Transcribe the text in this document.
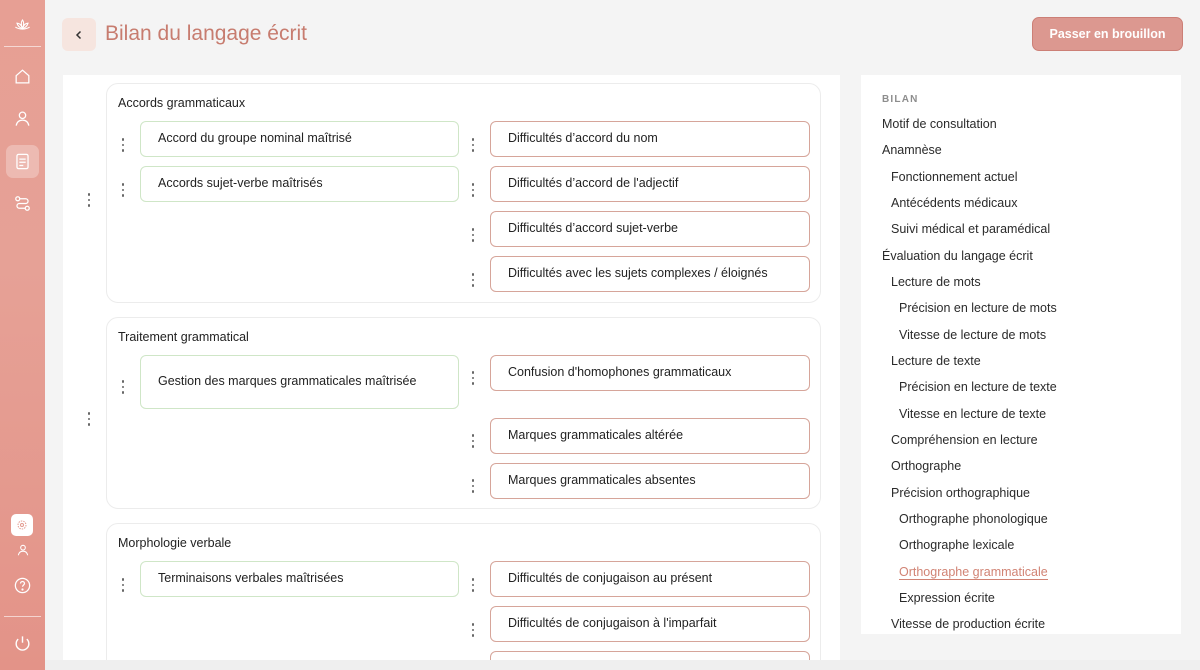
Bilan du langage écrit	Passer en brouillon
Accords grammaticaux
Accord du groupe nominal maîtrisé
Accords sujet-verbe maîtrisés
Difficultés d’accord du nom
Difficultés d’accord de l'adjectif
Difficultés d’accord sujet-verbe
Difficultés avec les sujets complexes / éloignés
Traitement grammatical
Gestion des marques grammaticales maîtrisée
Confusion d'homophones grammaticaux
Marques grammaticales altérée
Marques grammaticales absentes
Morphologie verbale
Terminaisons verbales maîtrisées	Difficultés de conjugaison au présent
Difficultés de conjugaison à l'imparfait
BILAN
Motif de consultation
Anamnèse
Fonctionnement actuel
Antécédents médicaux
Suivi médical et paramédical
Évaluation du langage écrit
Lecture de mots
Précision en lecture de mots
Vitesse de lecture de mots
Lecture de texte
Précision en lecture de texte
Vitesse en lecture de texte
Compréhension en lecture
Orthographe
Précision orthographique
Orthographe phonologique
Orthographe lexicale
Orthographe grammaticale
Expression écrite
Vitesse de production écrite
